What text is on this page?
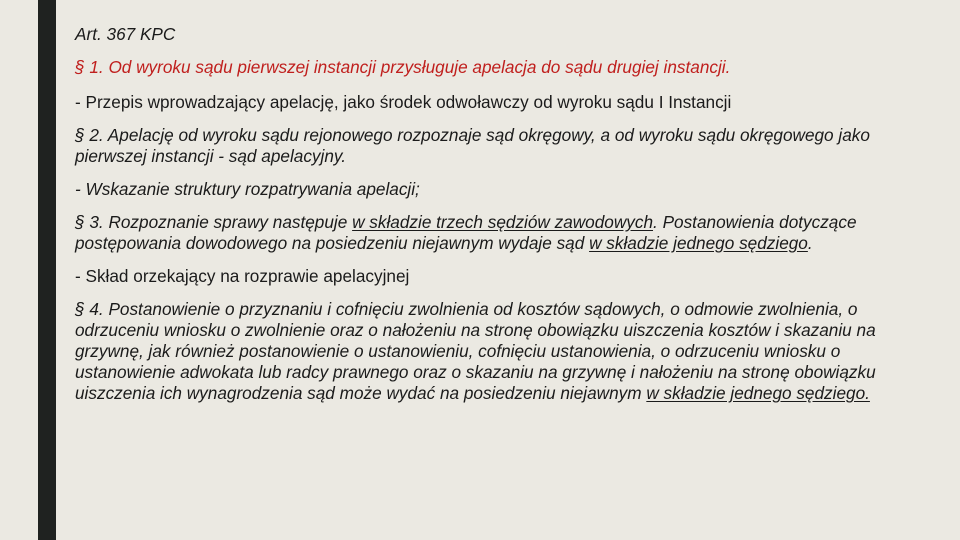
Art. 367 KPC

§ 1. Od wyroku sądu pierwszej instancji przysługuje apelacja do sądu drugiej instancji.

- Przepis wprowadzający apelację, jako środek odwoławczy od wyroku sądu I Instancji

§ 2. Apelację od wyroku sądu rejonowego rozpoznaje sąd okręgowy, a od wyroku sądu okręgowego jako pierwszej instancji - sąd apelacyjny.

- Wskazanie struktury rozpatrywania apelacji;

§ 3. Rozpoznanie sprawy następuje w składzie trzech sędziów zawodowych. Postanowienia dotyczące postępowania dowodowego na posiedzeniu niejawnym wydaje sąd w składzie jednego sędziego.

- Skład orzekający na rozprawie apelacyjnej

§ 4. Postanowienie o przyznaniu i cofnięciu zwolnienia od kosztów sądowych, o odmowie zwolnienia, o odrzuceniu wniosku o zwolnienie oraz o nałożeniu na stronę obowiązku uiszczenia kosztów i skazaniu na grzywnę, jak również postanowienie o ustanowieniu, cofnięciu ustanowienia, o odrzuceniu wniosku o ustanowienie adwokata lub radcy prawnego oraz o skazaniu na grzywnę i nałożeniu na stronę obowiązku uiszczenia ich wynagrodzenia sąd może wydać na posiedzeniu niejawnym w składzie jednego sędziego.
